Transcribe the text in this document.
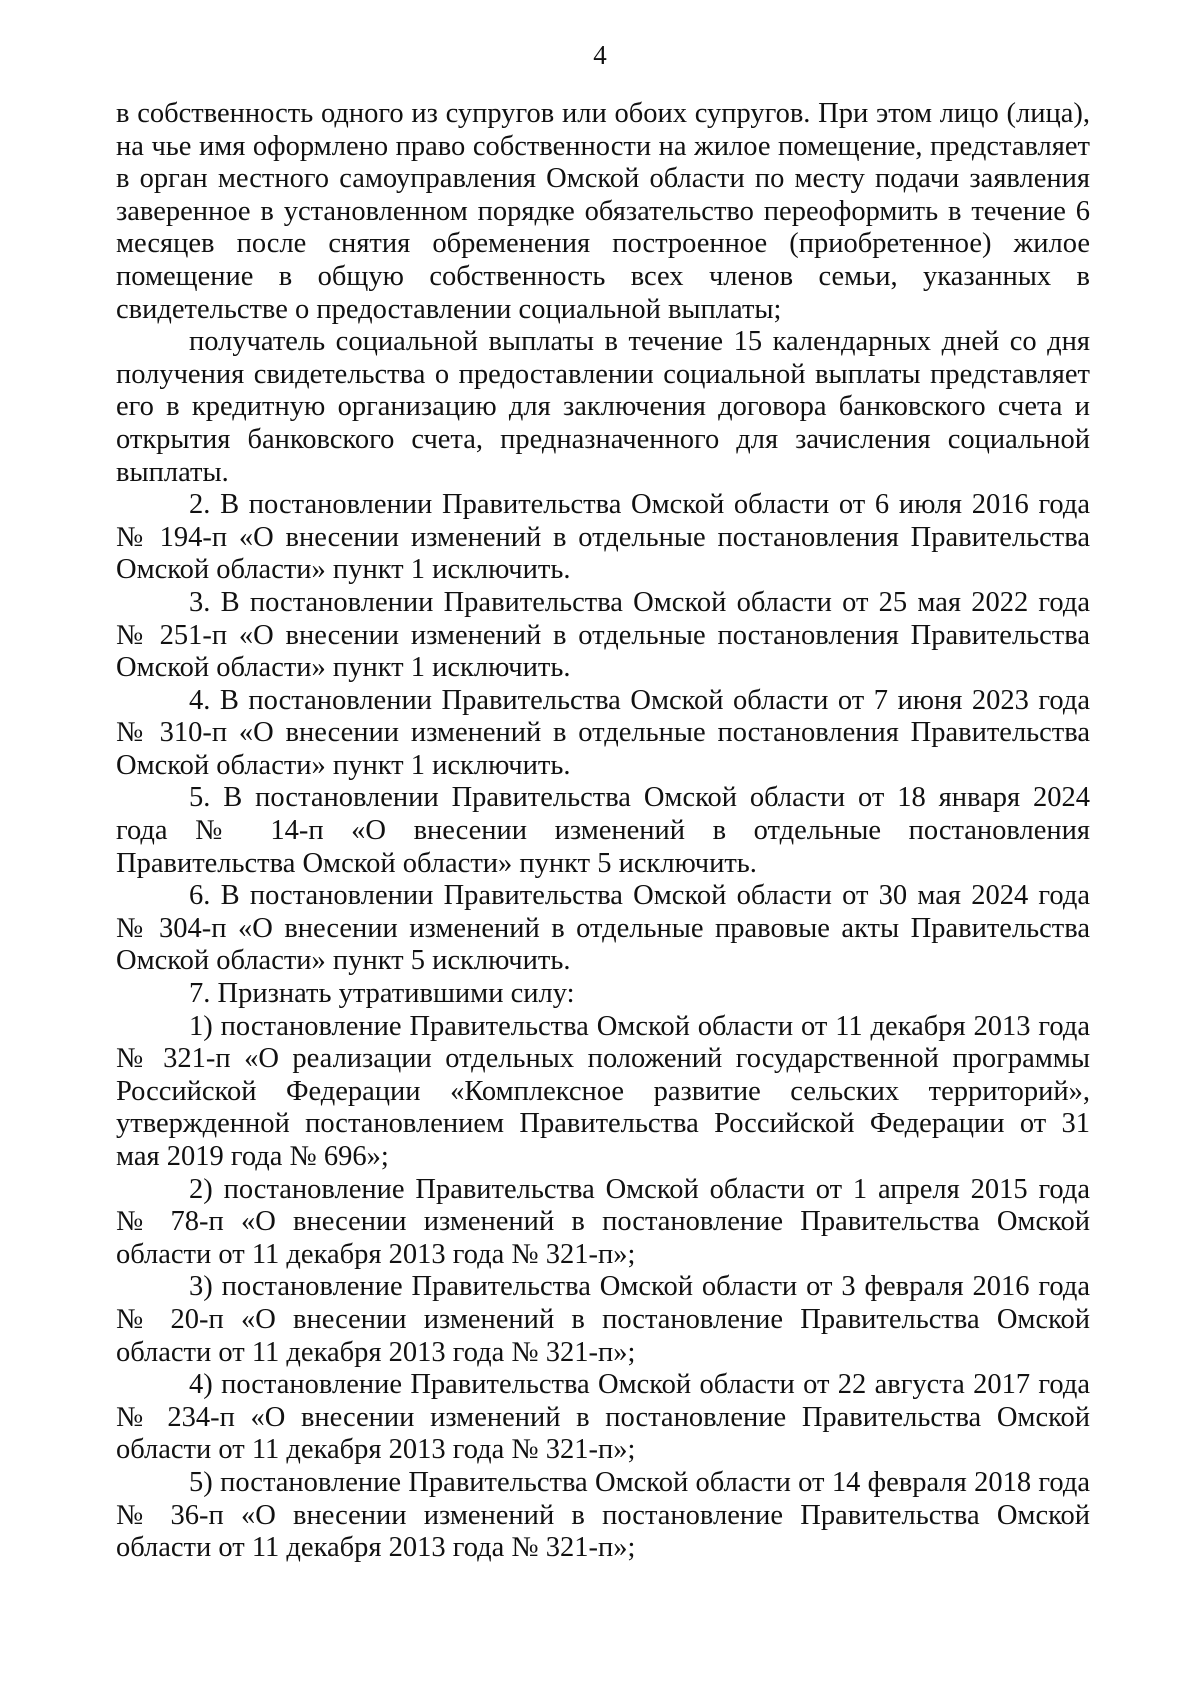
4

в собственность одного из супругов или обоих супругов. При этом лицо (лица), на чье имя оформлено право собственности на жилое помещение, представляет в орган местного самоуправления Омской области по месту подачи заявления заверенное в установленном порядке обязательство переоформить в течение 6 месяцев после снятия обременения построенное (приобретенное) жилое помещение в общую собственность всех членов семьи, указанных в свидетельстве о предоставлении социальной выплаты;

получатель социальной выплаты в течение 15 календарных дней со дня получения свидетельства о предоставлении социальной выплаты представляет его в кредитную организацию для заключения договора банковского счета и открытия банковского счета, предназначенного для зачисления социальной выплаты.

2. В постановлении Правительства Омской области от 6 июля 2016 года № 194-п «О внесении изменений в отдельные постановления Правительства Омской области» пункт 1 исключить.

3. В постановлении Правительства Омской области от 25 мая 2022 года № 251-п «О внесении изменений в отдельные постановления Правительства Омской области» пункт 1 исключить.

4. В постановлении Правительства Омской области от 7 июня 2023 года № 310-п «О внесении изменений в отдельные постановления Правительства Омской области» пункт 1 исключить.

5. В постановлении Правительства Омской области от 18 января 2024 года № 14-п «О внесении изменений в отдельные постановления Правительства Омской области» пункт 5 исключить.

6. В постановлении Правительства Омской области от 30 мая 2024 года № 304-п «О внесении изменений в отдельные правовые акты Правительства Омской области» пункт 5 исключить.

7. Признать утратившими силу:

1) постановление Правительства Омской области от 11 декабря 2013 года № 321-п «О реализации отдельных положений государственной программы Российской Федерации «Комплексное развитие сельских территорий», утвержденной постановлением Правительства Российской Федерации от 31 мая 2019 года № 696»;

2) постановление Правительства Омской области от 1 апреля 2015 года № 78-п «О внесении изменений в постановление Правительства Омской области от 11 декабря 2013 года № 321-п»;

3) постановление Правительства Омской области от 3 февраля 2016 года № 20-п «О внесении изменений в постановление Правительства Омской области от 11 декабря 2013 года № 321-п»;

4) постановление Правительства Омской области от 22 августа 2017 года № 234-п «О внесении изменений в постановление Правительства Омской области от 11 декабря 2013 года № 321-п»;

5) постановление Правительства Омской области от 14 февраля 2018 года № 36-п «О внесении изменений в постановление Правительства Омской области от 11 декабря 2013 года № 321-п»;
